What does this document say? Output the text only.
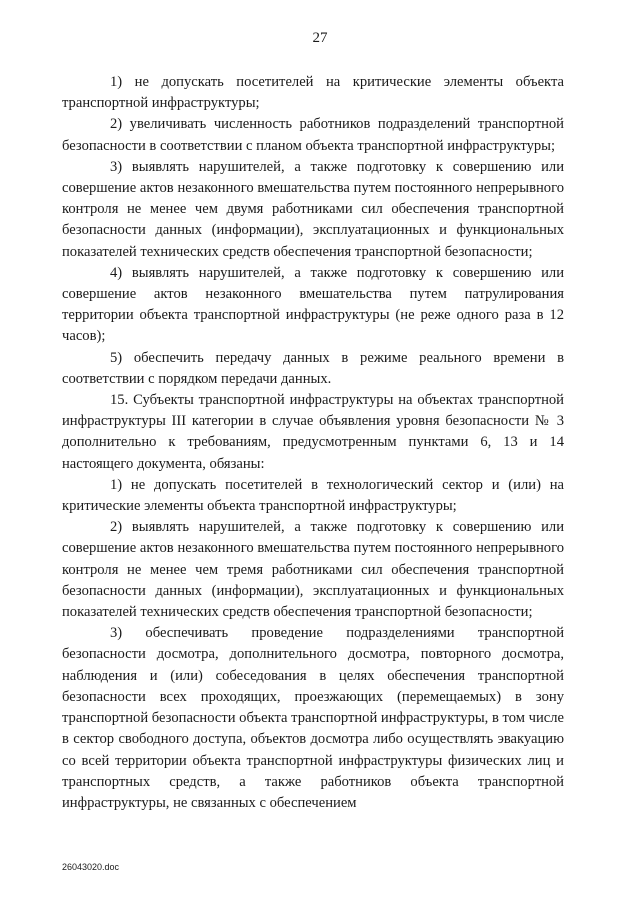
27

1) не допускать посетителей на критические элементы объекта транспортной инфраструктуры;

2) увеличивать численность работников подразделений транспортной безопасности в соответствии с планом объекта транспортной инфраструктуры;

3) выявлять нарушителей, а также подготовку к совершению или совершение актов незаконного вмешательства путем постоянного непрерывного контроля не менее чем двумя работниками сил обеспечения транспортной безопасности данных (информации), эксплуатационных и функциональных показателей технических средств обеспечения транспортной безопасности;

4) выявлять нарушителей, а также подготовку к совершению или совершение актов незаконного вмешательства путем патрулирования территории объекта транспортной инфраструктуры (не реже одного раза в 12 часов);

5) обеспечить передачу данных в режиме реального времени в соответствии с порядком передачи данных.

15. Субъекты транспортной инфраструктуры на объектах транспортной инфраструктуры III категории в случае объявления уровня безопасности № 3 дополнительно к требованиям, предусмотренным пунктами 6, 13 и 14 настоящего документа, обязаны:

1) не допускать посетителей в технологический сектор и (или) на критические элементы объекта транспортной инфраструктуры;

2) выявлять нарушителей, а также подготовку к совершению или совершение актов незаконного вмешательства путем постоянного непрерывного контроля не менее чем тремя работниками сил обеспечения транспортной безопасности данных (информации), эксплуатационных и функциональных показателей технических средств обеспечения транспортной безопасности;

3) обеспечивать проведение подразделениями транспортной безопасности досмотра, дополнительного досмотра, повторного досмотра, наблюдения и (или) собеседования в целях обеспечения транспортной безопасности всех проходящих, проезжающих (перемещаемых) в зону транспортной безопасности объекта транспортной инфраструктуры, в том числе в сектор свободного доступа, объектов досмотра либо осуществлять эвакуацию со всей территории объекта транспортной инфраструктуры физических лиц и транспортных средств, а также работников объекта транспортной инфраструктуры, не связанных с обеспечением

26043020.doc
